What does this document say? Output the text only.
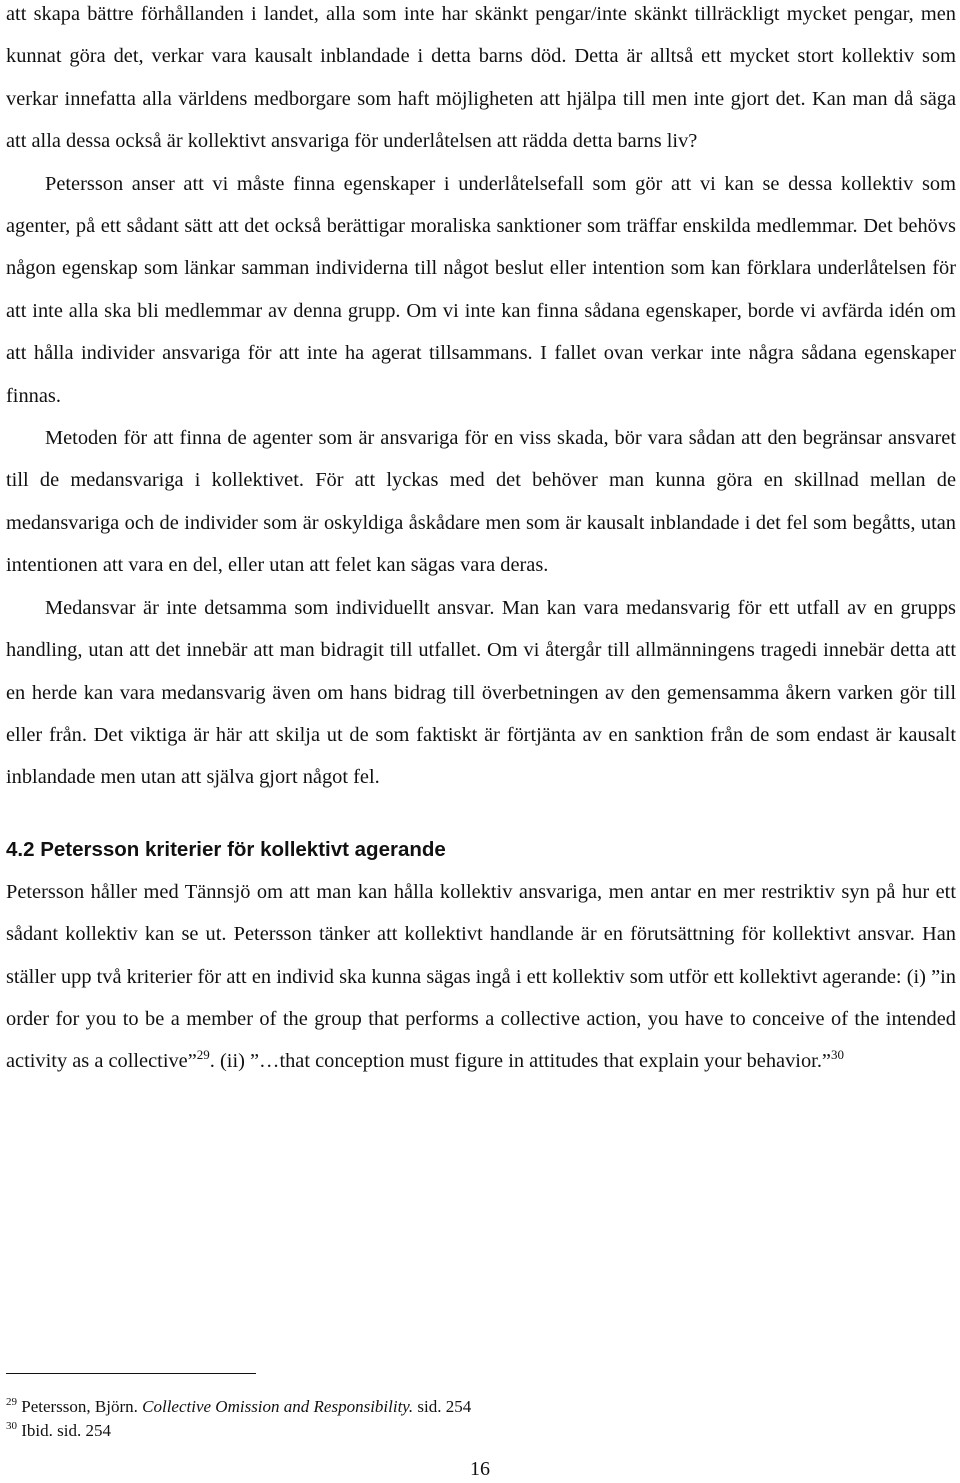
att skapa bättre förhållanden i landet, alla som inte har skänkt pengar/inte skänkt tillräckligt mycket pengar, men kunnat göra det, verkar vara kausalt inblandade i detta barns död. Detta är alltså ett mycket stort kollektiv som verkar innefatta alla världens medborgare som haft möjligheten att hjälpa till men inte gjort det. Kan man då säga att alla dessa också är kollektivt ansvariga för underlåtelsen att rädda detta barns liv?

Petersson anser att vi måste finna egenskaper i underlåtelsefall som gör att vi kan se dessa kollektiv som agenter, på ett sådant sätt att det också berättigar moraliska sanktioner som träffar enskilda medlemmar. Det behövs någon egenskap som länkar samman individerna till något beslut eller intention som kan förklara underlåtelsen för att inte alla ska bli medlemmar av denna grupp. Om vi inte kan finna sådana egenskaper, borde vi avfärda idén om att hålla individer ansvariga för att inte ha agerat tillsammans. I fallet ovan verkar inte några sådana egenskaper finnas.

Metoden för att finna de agenter som är ansvariga för en viss skada, bör vara sådan att den begränsar ansvaret till de medansvariga i kollektivet. För att lyckas med det behöver man kunna göra en skillnad mellan de medansvariga och de individer som är oskyldiga åskådare men som är kausalt inblandade i det fel som begåtts, utan intentionen att vara en del, eller utan att felet kan sägas vara deras.

Medansvar är inte detsamma som individuellt ansvar. Man kan vara medansvarig för ett utfall av en grupps handling, utan att det innebär att man bidragit till utfallet. Om vi återgår till allmänningens tragedi innebär detta att en herde kan vara medansvarig även om hans bidrag till överbetningen av den gemensamma åkern varken gör till eller från. Det viktiga är här att skilja ut de som faktiskt är förtjänta av en sanktion från de som endast är kausalt inblandade men utan att själva gjort något fel.

4.2 Petersson kriterier för kollektivt agerande

Petersson håller med Tännsjö om att man kan hålla kollektiv ansvariga, men antar en mer restriktiv syn på hur ett sådant kollektiv kan se ut. Petersson tänker att kollektivt handlande är en förutsättning för kollektivt ansvar. Han ställer upp två kriterier för att en individ ska kunna sägas ingå i ett kollektiv som utför ett kollektivt agerande: (i) ”in order for you to be a member of the group that performs a collective action, you have to conceive of the intended activity as a collective”$^{29}$. (ii) ”…that conception must figure in attitudes that explain your behavior.”$^{30}$

$^{29}$ Petersson, Björn. Collective Omission and Responsibility. sid. 254
$^{30}$ Ibid. sid. 254
16
